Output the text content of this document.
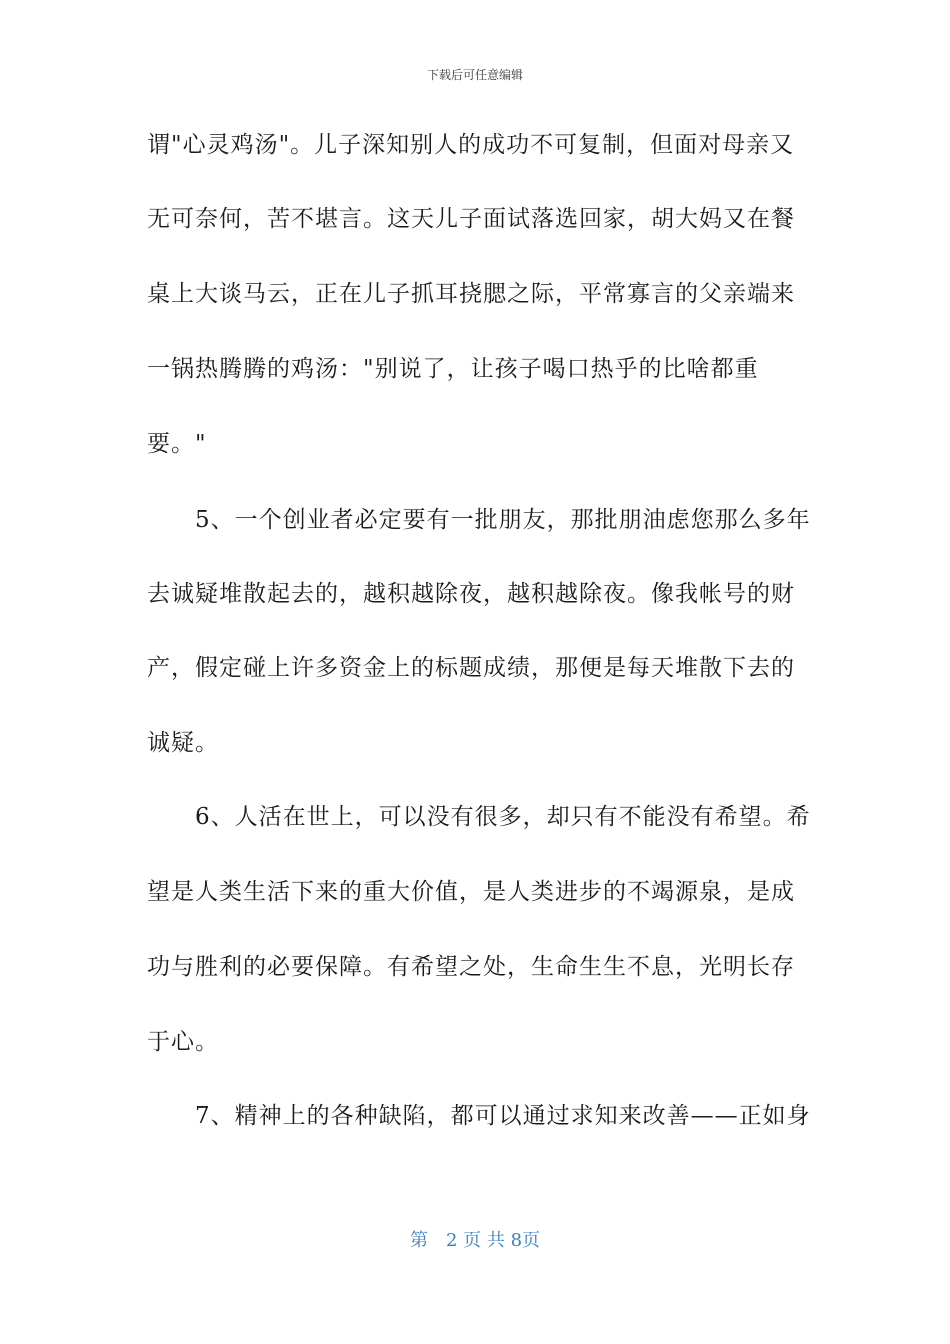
下载后可任意编辑
谓"心灵鸡汤"。儿子深知别人的成功不可复制，但面对母亲又
无可奈何，苦不堪言。这天儿子面试落选回家，胡大妈又在餐
桌上大谈马云，正在儿子抓耳挠腮之际，平常寡言的父亲端来
一锅热腾腾的鸡汤："别说了，让孩子喝口热乎的比啥都重
要。"
　　5、一个创业者必定要有一批朋友，那批朋油虑您那么多年
去诚疑堆散起去的，越积越除夜，越积越除夜。像我帐号的财
产，假定碰上许多资金上的标题成绩，那便是每天堆散下去的
诚疑。
　　6、人活在世上，可以没有很多，却只有不能没有希望。希
望是人类生活下来的重大价值，是人类进步的不竭源泉，是成
功与胜利的必要保障。有希望之处，生命生生不息，光明长存
于心。
　　7、精神上的各种缺陷，都可以通过求知来改善——正如身
第　2 页 共 8页
